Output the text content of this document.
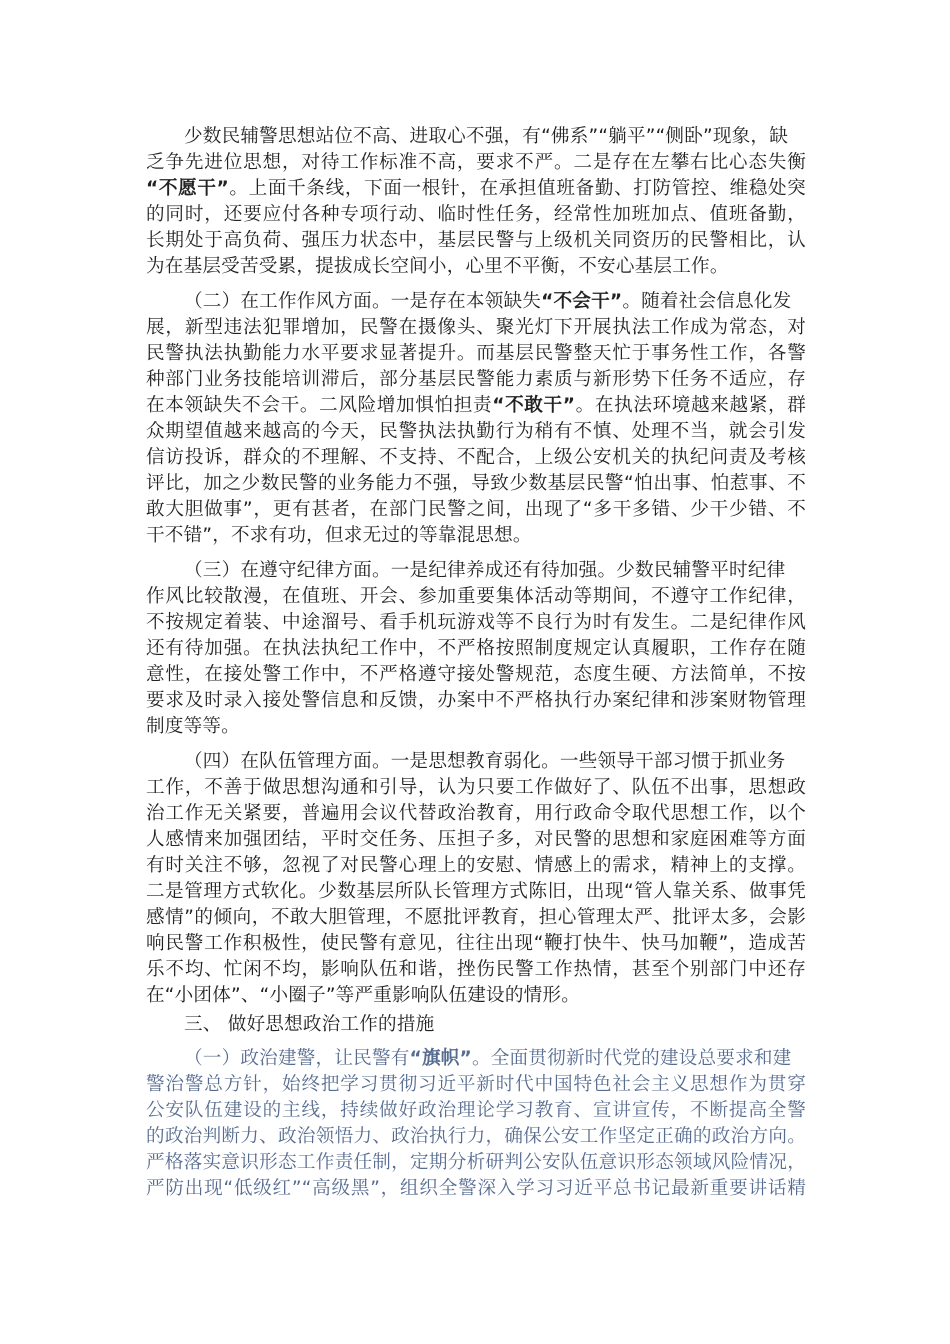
少数民辅警思想站位不高、进取心不强，有“佛系”“躺平”“侧卧”现象，缺
乏争先进位思想，对待工作标准不高，要求不严。二是存在左攀右比心态失衡
“不愿干”。上面千条线，下面一根针，在承担值班备勤、打防管控、维稳处突
的同时，还要应付各种专项行动、临时性任务，经常性加班加点、值班备勤，
长期处于高负荷、强压力状态中，基层民警与上级机关同资历的民警相比，认
为在基层受苦受累，提拔成长空间小，心里不平衡，不安心基层工作。
（二）在工作作风方面。一是存在本领缺失“不会干”。随着社会信息化发
展，新型违法犯罪增加，民警在摄像头、聚光灯下开展执法工作成为常态，对
民警执法执勤能力水平要求显著提升。而基层民警整天忙于事务性工作，各警
种部门业务技能培训滞后，部分基层民警能力素质与新形势下任务不适应，存
在本领缺失不会干。二风险增加惧怕担责“不敢干”。在执法环境越来越紧，群
众期望值越来越高的今天，民警执法执勤行为稍有不慎、处理不当，就会引发
信访投诉，群众的不理解、不支持、不配合，上级公安机关的执纪问责及考核
评比，加之少数民警的业务能力不强，导致少数基层民警“怕出事、怕惹事、不
敢大胆做事”，更有甚者，在部门民警之间，出现了“多干多错、少干少错、不
干不错”，不求有功，但求无过的等靠混思想。
（三）在遵守纪律方面。一是纪律养成还有待加强。少数民辅警平时纪律
作风比较散漫，在值班、开会、参加重要集体活动等期间，不遵守工作纪律，
不按规定着装、中途溜号、看手机玩游戏等不良行为时有发生。二是纪律作风
还有待加强。在执法执纪工作中，不严格按照制度规定认真履职，工作存在随
意性，在接处警工作中，不严格遵守接处警规范，态度生硬、方法简单，不按
要求及时录入接处警信息和反馈，办案中不严格执行办案纪律和涉案财物管理
制度等等。
（四）在队伍管理方面。一是思想教育弱化。一些领导干部习惯于抓业务
工作，不善于做思想沟通和引导，认为只要工作做好了、队伍不出事，思想政
治工作无关紧要，普遍用会议代替政治教育，用行政命令取代思想工作，以个
人感情来加强团结，平时交任务、压担子多，对民警的思想和家庭困难等方面
有时关注不够，忽视了对民警心理上的安慰、情感上的需求，精神上的支撑。
二是管理方式软化。少数基层所队长管理方式陈旧，出现“管人靠关系、做事凭
感情”的倾向，不敢大胆管理，不愿批评教育，担心管理太严、批评太多，会影
响民警工作积极性，使民警有意见，往往出现“鞭打快牛、快马加鞭”，造成苦
乐不均、忙闲不均，影响队伍和谐，挫伤民警工作热情，甚至个别部门中还存
在“小团体”、“小圈子”等严重影响队伍建设的情形。
三、 做好思想政治工作的措施
（一）政治建警，让民警有“旗帜”。全面贯彻新时代党的建设总要求和建
警治警总方针，始终把学习贯彻习近平新时代中国特色社会主义思想作为贯穿
公安队伍建设的主线，持续做好政治理论学习教育、宣讲宣传，不断提高全警
的政治判断力、政治领悟力、政治执行力，确保公安工作坚定正确的政治方向。
严格落实意识形态工作责任制，定期分析研判公安队伍意识形态领域风险情况，
严防出现“低级红”“高级黑”，组织全警深入学习习近平总书记最新重要讲话精
